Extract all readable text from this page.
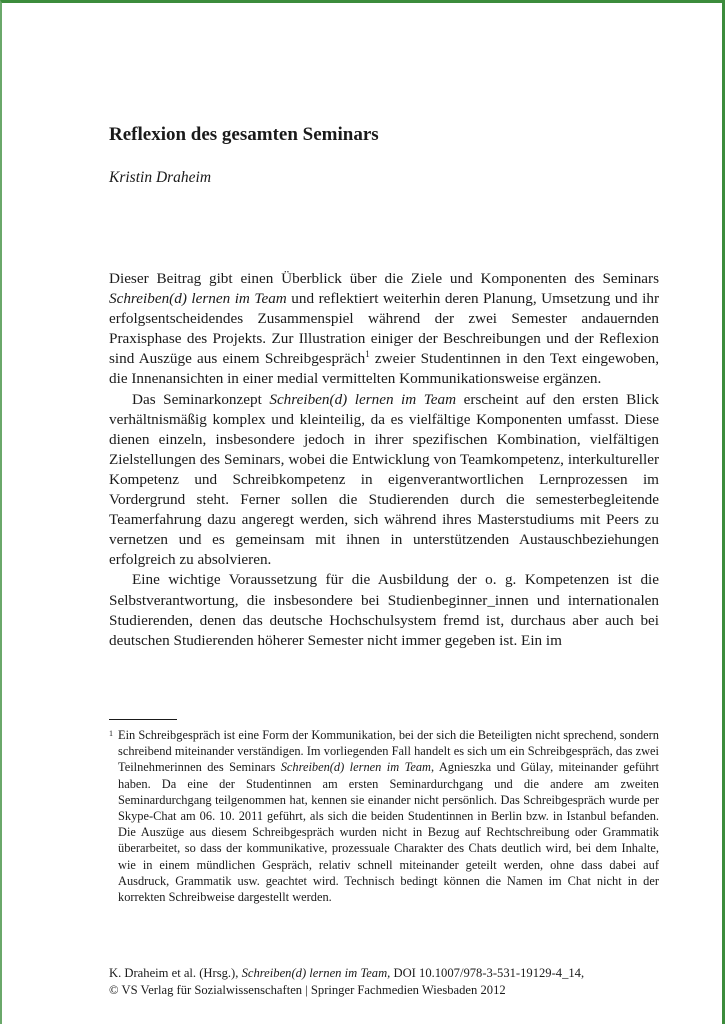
Reflexion des gesamten Seminars
Kristin Draheim

Dieser Beitrag gibt einen Überblick über die Ziele und Komponenten des Seminars Schreiben(d) lernen im Team und reflektiert weiterhin deren Planung, Umsetzung und ihr erfolgsentscheidendes Zusammenspiel während der zwei Semester andauernden Praxisphase des Projekts. Zur Illustration einiger der Beschreibungen und der Reflexion sind Auszüge aus einem Schreibgespräch$^1$ zweier Studentinnen in den Text eingewoben, die Innenansichten in einer medial vermittelten Kommunikationsweise ergänzen.

Das Seminarkonzept Schreiben(d) lernen im Team erscheint auf den ersten Blick verhältnismäßig komplex und kleinteilig, da es vielfältige Komponenten umfasst. Diese dienen einzeln, insbesondere jedoch in ihrer spezifischen Kombination, vielfältigen Zielstellungen des Seminars, wobei die Entwicklung von Teamkompetenz, interkultureller Kompetenz und Schreibkompetenz in eigenverantwortlichen Lernprozessen im Vordergrund steht. Ferner sollen die Studierenden durch die semesterbegleitende Teamerfahrung dazu angeregt werden, sich während ihres Masterstudiums mit Peers zu vernetzen und es gemeinsam mit ihnen in unterstützenden Austauschbeziehungen erfolgreich zu absolvieren.

Eine wichtige Voraussetzung für die Ausbildung der o. g. Kompetenzen ist die Selbstverantwortung, die insbesondere bei Studienbeginner_innen und internationalen Studierenden, denen das deutsche Hochschulsystem fremd ist, durchaus aber auch bei deutschen Studierenden höherer Semester nicht immer gegeben ist. Ein im

1 Ein Schreibgespräch ist eine Form der Kommunikation, bei der sich die Beteiligten nicht sprechend, sondern schreibend miteinander verständigen. Im vorliegenden Fall handelt es sich um ein Schreibgespräch, das zwei Teilnehmerinnen des Seminars Schreiben(d) lernen im Team, Agnieszka und Gülay, miteinander geführt haben. Da eine der Studentinnen am ersten Seminardurchgang und die andere am zweiten Seminardurchgang teilgenommen hat, kennen sie einander nicht persönlich. Das Schreibgespräch wurde per Skype-Chat am 06. 10. 2011 geführt, als sich die beiden Studentinnen in Berlin bzw. in Istanbul befanden. Die Auszüge aus diesem Schreibgespräch wurden nicht in Bezug auf Rechtschreibung oder Grammatik überarbeitet, so dass der kommunikative, prozessuale Charakter des Chats deutlich wird, bei dem Inhalte, wie in einem mündlichen Gespräch, relativ schnell miteinander geteilt werden, ohne dass dabei auf Ausdruck, Grammatik usw. geachtet wird. Technisch bedingt können die Namen im Chat nicht in der korrekten Schreibweise dargestellt werden.

K. Draheim et al. (Hrsg.), Schreiben(d) lernen im Team, DOI 10.1007/978-3-531-19129-4_14,
© VS Verlag für Sozialwissenschaften | Springer Fachmedien Wiesbaden 2012
